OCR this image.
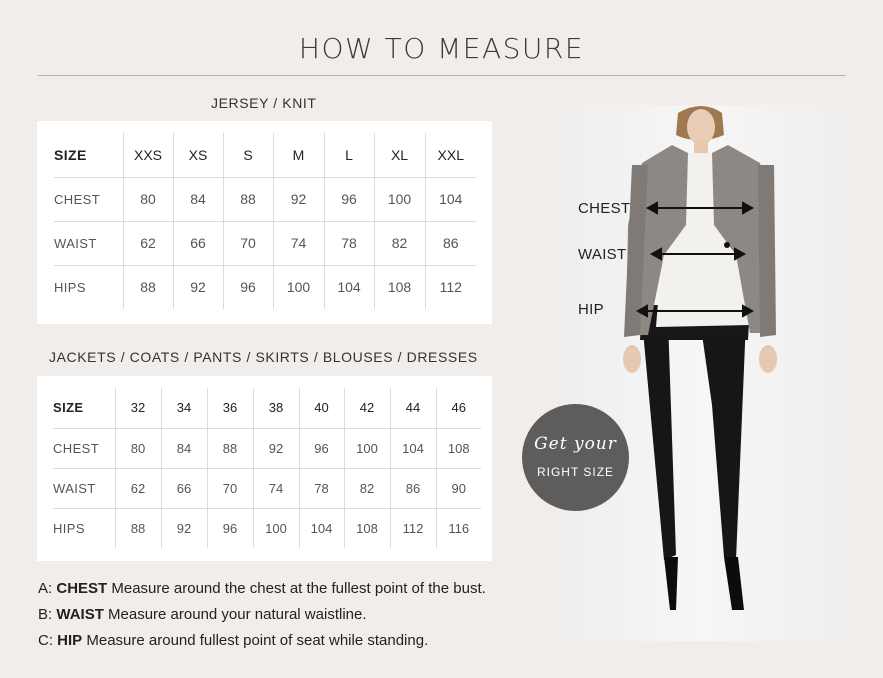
HOW TO MEASURE
JERSEY / KNIT
SIZE	XXS	XS	S	M	L	XL	XXL
CHEST	80	84	88	92	96	100	104
WAIST	62	66	70	74	78	82	86
HIPS	88	92	96	100	104	108	112
JACKETS / COATS / PANTS / SKIRTS / BLOUSES / DRESSES
SIZE	32	34	36	38	40	42	44	46
CHEST	80	84	88	92	96	100	104	108
WAIST	62	66	70	74	78	82	86	90
HIPS	88	92	96	100	104	108	112	116
A: CHEST Measure around the chest at the fullest point of the bust.
B: WAIST Measure around your natural waistline.
C: HIP Measure around fullest point of seat while standing.
CHEST
WAIST
HIP
Get your
RIGHT SIZE
